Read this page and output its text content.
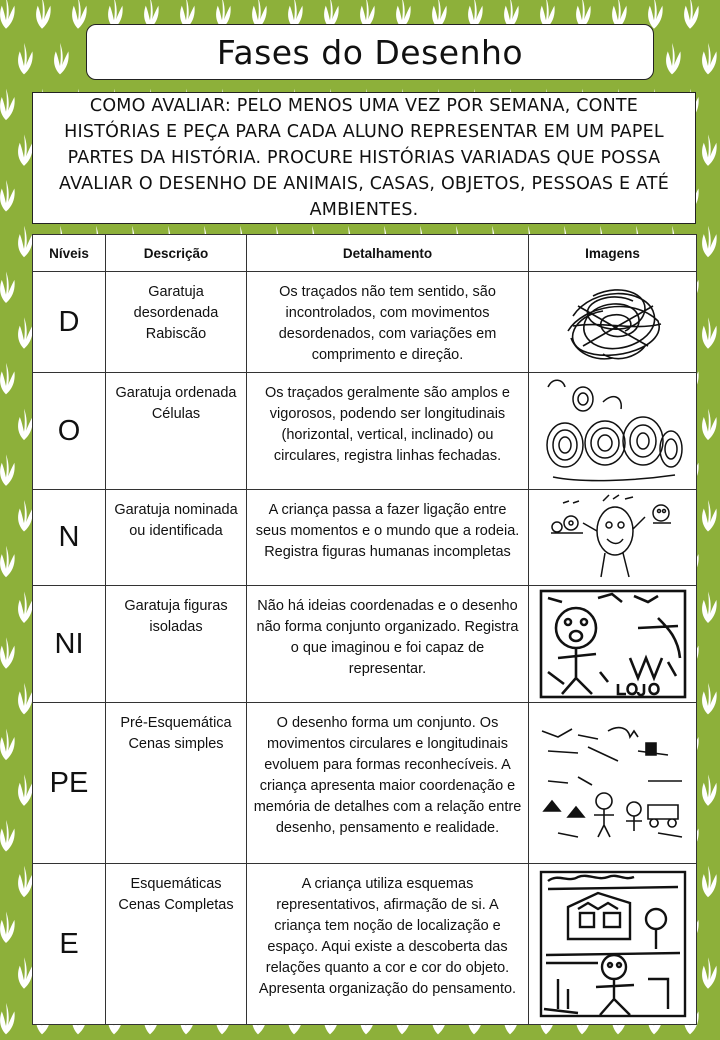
Fases do Desenho

COMO AVALIAR: PELO MENOS UMA VEZ POR SEMANA, CONTE HISTÓRIAS E PEÇA PARA CADA ALUNO REPRESENTAR EM UM PAPEL PARTES DA HISTÓRIA. PROCURE HISTÓRIAS VARIADAS QUE POSSA AVALIAR O DESENHO DE ANIMAIS, CASAS, OBJETOS, PESSOAS E ATÉ AMBIENTES.

Níveis	Descrição	Detalhamento	Imagens
D	Garatuja desordenada Rabiscão	Os traçados não tem sentido, são incontrolados, com movimentos desordenados, com variações em comprimento e direção.	

O	Garatuja ordenada Células	Os traçados geralmente são amplos e vigorosos, podendo ser longitudinais (horizontal, vertical, inclinado) ou circulares, registra linhas fechadas.	

N	Garatuja nominada ou identificada	A criança passa a fazer ligação entre seus momentos e o mundo que a rodeia. Registra figuras humanas incompletas	

NI	Garatuja figuras isoladas	Não há ideias coordenadas e o desenho não forma conjunto organizado. Registra o que imaginou e foi capaz de representar.	

PE	Pré-Esquemática Cenas simples	O desenho forma um conjunto. Os movimentos circulares e longitudinais evoluem para formas reconhecíveis. A criança apresenta maior coordenação e memória de detalhes com a relação entre desenho, pensamento e realidade.	

E	Esquemáticas Cenas Completas	A criança utiliza esquemas representativos, afirmação de si. A criança tem noção de localização e espaço. Aqui existe a descoberta das relações quanto a cor e cor do objeto. Apresenta organização do pensamento.	
